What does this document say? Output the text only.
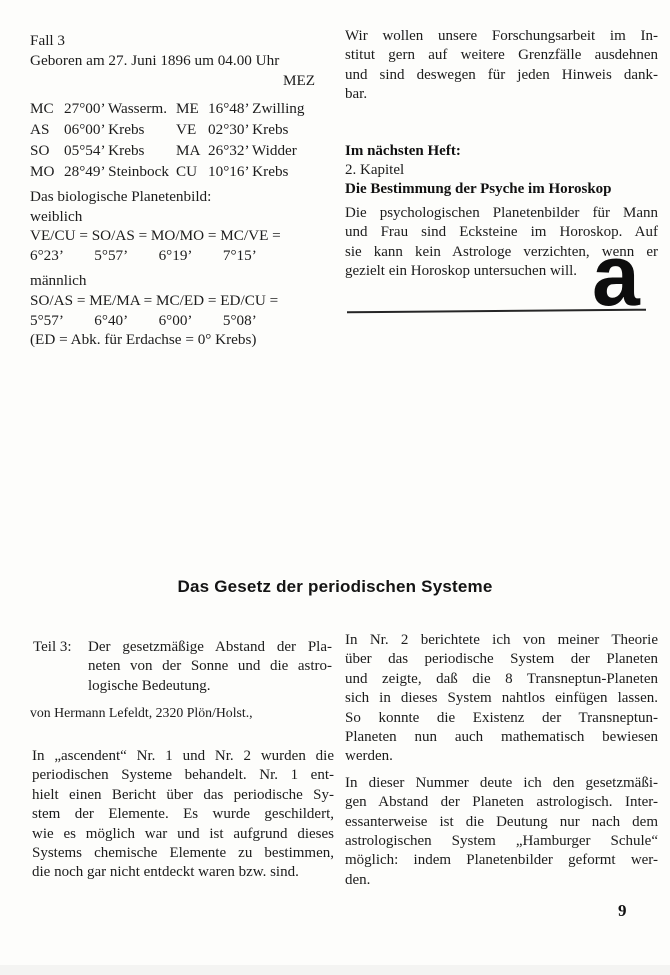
Fall 3
Geboren am 27. Juni 1896 um 04.00 Uhr
MEZ
MC 27°00’ Wasserm. ME 16°48’ Zwilling
AS 06°00’ Krebs	VE 02°30’ Krebs
SO 05°54’ Krebs	MA 26°32’ Widder
MO 28°49’ Steinbock CU 10°16’ Krebs
Das biologische Planetenbild:
weiblich
VE/CU = SO/AS = MO/MO = MC/VE =
6°23’  5°57’  6°19’  7°15’
männlich
SO/AS = ME/MA = MC/ED = ED/CU =
5°57’  6°40’  6°00’  5°08’
(ED = Abk. für Erdachse = 0° Krebs)
Wir wollen unsere Forschungsarbeit im In-
stitut gern auf weitere Grenzfälle ausdehnen
und sind deswegen für jeden Hinweis dank-
bar.
Im nächsten Heft:
2. Kapitel
Die Bestimmung der Psyche im Horoskop
Die psychologischen Planetenbilder für Mann
und Frau sind Ecksteine im Horoskop. Auf
sie kann kein Astrologe verzichten, wenn er
gezielt ein Horoskop untersuchen will. a
Das Gesetz der periodischen Systeme
Teil 3:	Der gesetzmäßige Abstand der Pla-
neten von der Sonne und die astro-
logische Bedeutung.
von Hermann Lefeldt, 2320 Plön/Holst.,
In „ascendent“ Nr. 1 und Nr. 2 wurden die
periodischen Systeme behandelt. Nr. 1 ent-
hielt einen Bericht über das periodische Sy-
stem der Elemente. Es wurde geschildert,
wie es möglich war und ist aufgrund dieses
Systems chemische Elemente zu bestimmen,
die noch gar nicht entdeckt waren bzw. sind.
In Nr. 2 berichtete ich von meiner Theorie
über das periodische System der Planeten
und zeigte, daß die 8 Transneptun-Planeten
sich in dieses System nahtlos einfügen lassen.
So konnte die Existenz der Transneptun-
Planeten nun auch mathematisch bewiesen
werden.
In dieser Nummer deute ich den gesetzmäßi-
gen Abstand der Planeten astrologisch. Inter-
essanterweise ist die Deutung nur nach dem
astrologischen System „Hamburger Schule“
möglich: indem Planetenbilder geformt wer-
den.
9
